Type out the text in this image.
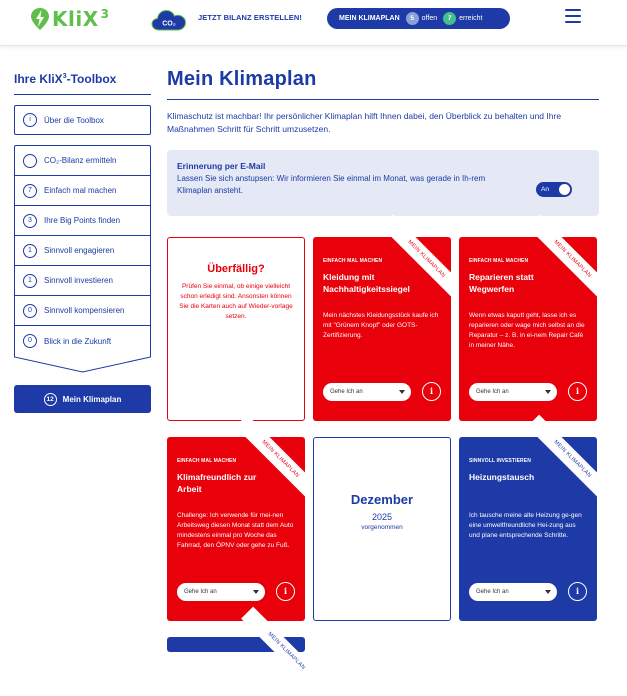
KliX $^3$
CO₂
JETZT BILANZ ERSTELLEN!	MEIN KLIMAPLAN	5	offen	7	erreicht
Ihre KliX$^3$-Toolbox
i	Über die Toolbox
CO₂-Bilanz ermitteln
7	Einfach mal machen
3	Ihre Big Points finden
1	Sinnvoll engagieren
1	Sinnvoll investieren
0	Sinnvoll kompensieren
0	Blick in die Zukunft
12	Mein Klimaplan
Mein Klimaplan

Klimaschutz ist machbar! Ihr persönlicher Klimaplan hilft Ihnen dabei, den Überblick zu behalten und Ihre Maßnahmen Schritt für Schritt umzusetzen.

Erinnerung per E-Mail
Lassen Sie sich anstupsen: Wir informieren Sie einmal im Monat, was gerade in Ih-rem Klimaplan ansteht.	An
Überfällig?
Prüfen Sie einmal, ob einige vielleicht schon erledigt sind. Ansonsten können Sie die Karten auch auf Wieder-vorlage setzen.
MEIN KLIMAPLAN
EINFACH MAL MACHEN
Kleidung mit Nachhaltigkeitssiegel
Mein nächstes Kleidungsstück kaufe ich mit "Grünem Knopf" oder GOTS-Zertifizierung.
Gehe Ich an	i
MEIN KLIMAPLAN
EINFACH MAL MACHEN
Reparieren statt Wegwerfen
Wenn etwas kaputt geht, lasse ich es reparieren oder wage mich selbst an die Reparatur – z. B. in ei-nem Repair Café in meiner Nähe.
Gehe Ich an	i
MEIN KLIMAPLAN
EINFACH MAL MACHEN
Klimafreundlich zur Arbeit
Challenge: Ich verwende für mei-nen Arbeitsweg diesen Monat statt dem Auto mindestens einmal pro Woche das Fahrrad, den ÖPNV oder gehe zu Fuß.
Gehe Ich an	i
Dezember
2025
vorgenommen
MEIN KLIMAPLAN
SINNVOLL INVESTIEREN
Heizungstausch
Ich tausche meine alte Heizung ge-gen eine umweltfreundliche Hei-zung aus und plane entsprechende Schritte.
Gehe Ich an	i
MEIN KLIMAPLAN
